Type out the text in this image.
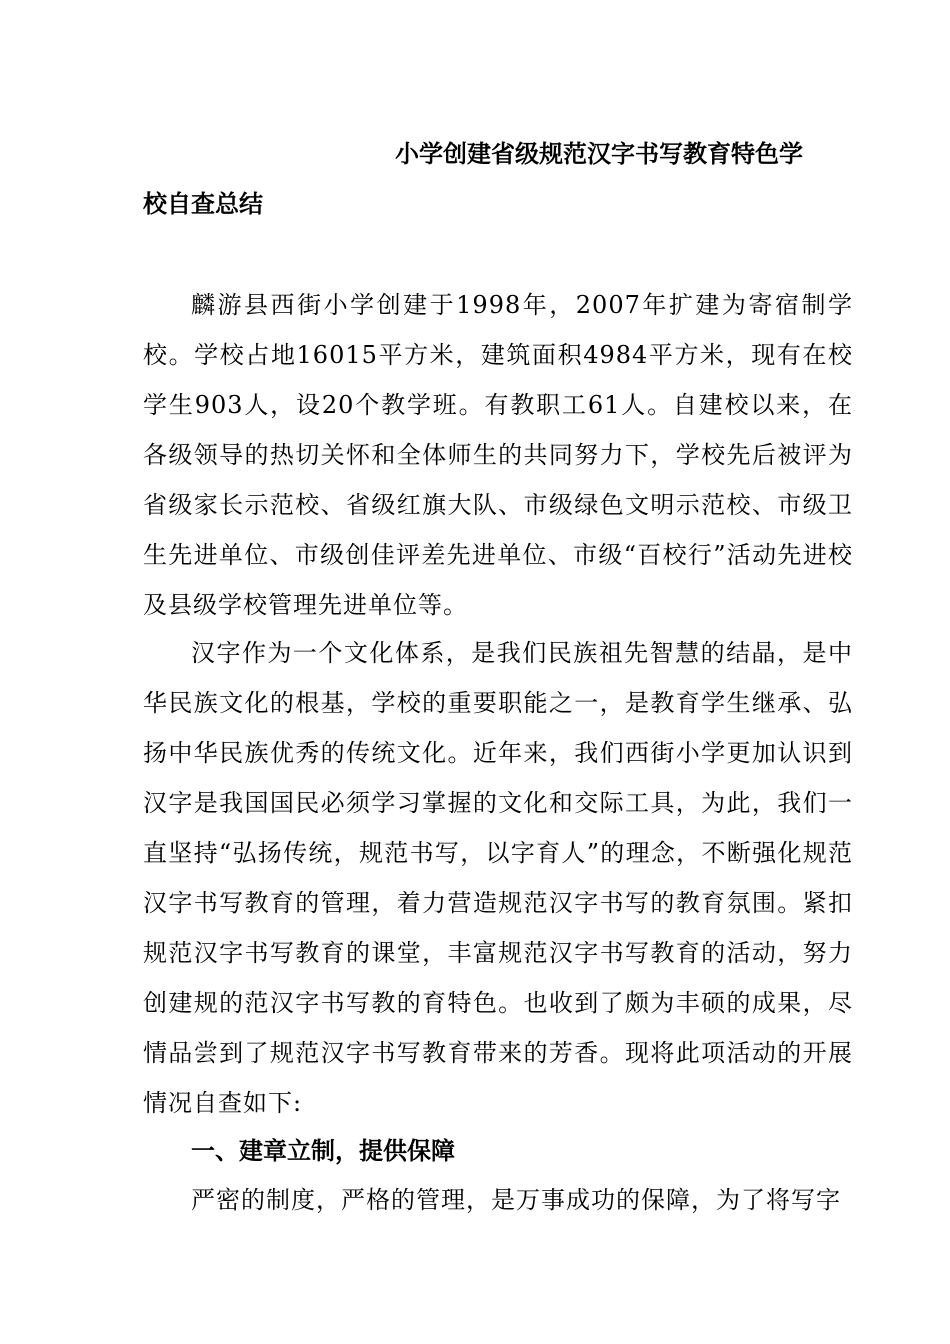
小学创建省级规范汉字书写教育特色学
校自查总结
麟游县西街小学创建于1998年，2007年扩建为寄宿制学校。学校占地16015平方米，建筑面积4984平方米，现有在校学生903人，设20个教学班。有教职工61人。自建校以来，在各级领导的热切关怀和全体师生的共同努力下，学校先后被评为省级家长示范校、省级红旗大队、市级绿色文明示范校、市级卫生先进单位、市级创佳评差先进单位、市级“百校行”活动先进校及县级学校管理先进单位等。
汉字作为一个文化体系，是我们民族祖先智慧的结晶，是中华民族文化的根基，学校的重要职能之一，是教育学生继承、弘扬中华民族优秀的传统文化。近年来，我们西街小学更加认识到汉字是我国国民必须学习掌握的文化和交际工具，为此，我们一直坚持“弘扬传统，规范书写，以字育人”的理念，不断强化规范汉字书写教育的管理，着力营造规范汉字书写的教育氛围。紧扣规范汉字书写教育的课堂，丰富规范汉字书写教育的活动，努力创建规的范汉字书写教的育特色。也收到了颇为丰硕的成果，尽情品尝到了规范汉字书写教育带来的芳香。现将此项活动的开展情况自查如下:
一、建章立制，提供保障
严密的制度，严格的管理，是万事成功的保障，为了将写字
